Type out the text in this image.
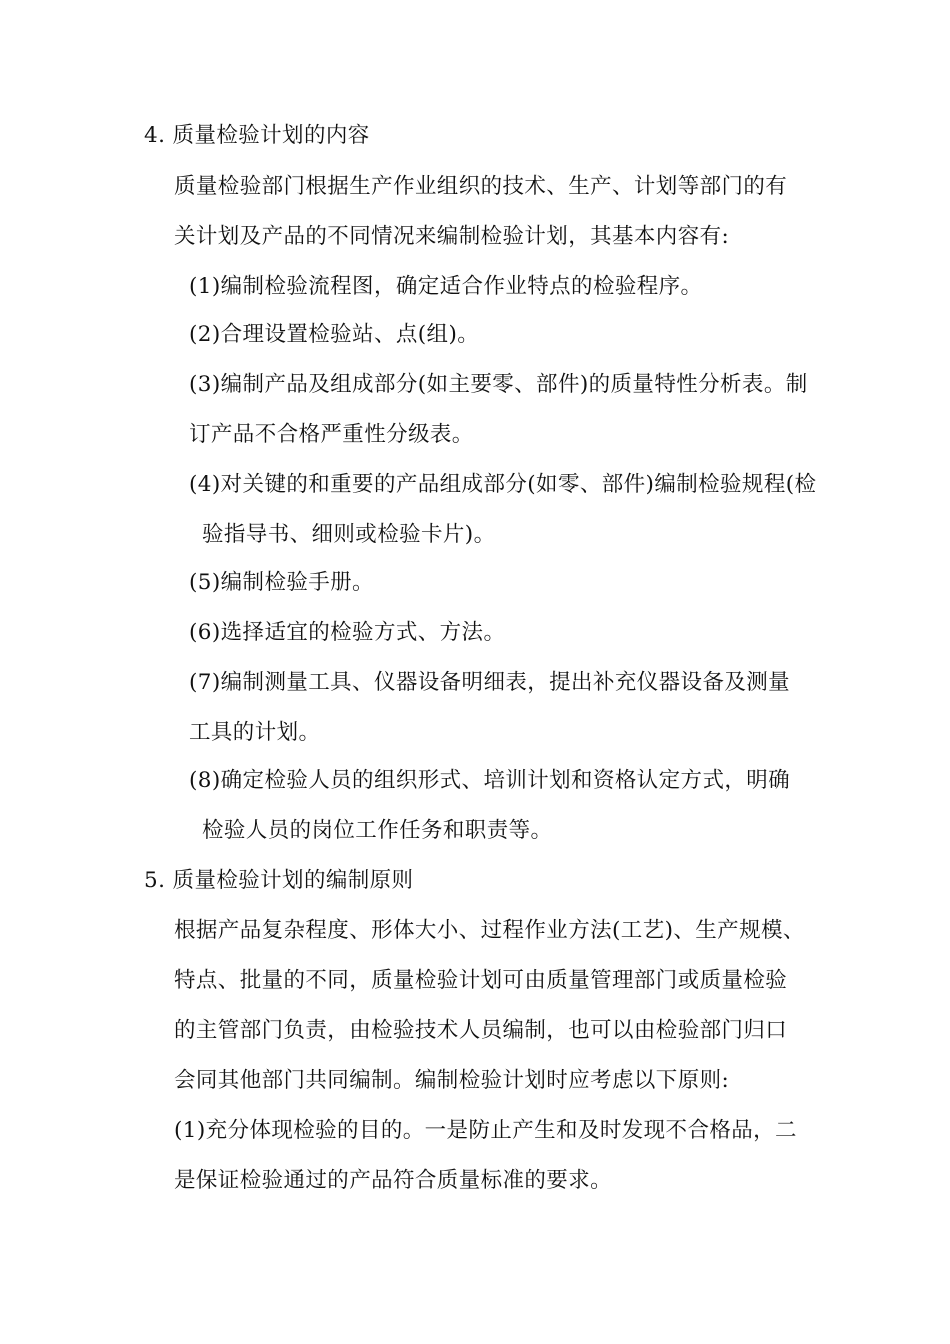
4. 质量检验计划的内容
质量检验部门根据生产作业组织的技术、生产、计划等部门的有
关计划及产品的不同情况来编制检验计划，其基本内容有:
(1)编制检验流程图，确定适合作业特点的检验程序。
(2)合理设置检验站、点(组)。
(3)编制产品及组成部分(如主要零、部件)的质量特性分析表。制
订产品不合格严重性分级表。
(4)对关键的和重要的产品组成部分(如零、部件)编制检验规程(检
验指导书、细则或检验卡片)。
(5)编制检验手册。
(6)选择适宜的检验方式、方法。
(7)编制测量工具、仪器设备明细表，提出补充仪器设备及测量
工具的计划。
(8)确定检验人员的组织形式、培训计划和资格认定方式，明确
检验人员的岗位工作任务和职责等。
5. 质量检验计划的编制原则
根据产品复杂程度、形体大小、过程作业方法(工艺)、生产规模、
特点、批量的不同，质量检验计划可由质量管理部门或质量检验
的主管部门负责，由检验技术人员编制，也可以由检验部门归口
会同其他部门共同编制。编制检验计划时应考虑以下原则:
(1)充分体现检验的目的。一是防止产生和及时发现不合格品，二
是保证检验通过的产品符合质量标准的要求。
